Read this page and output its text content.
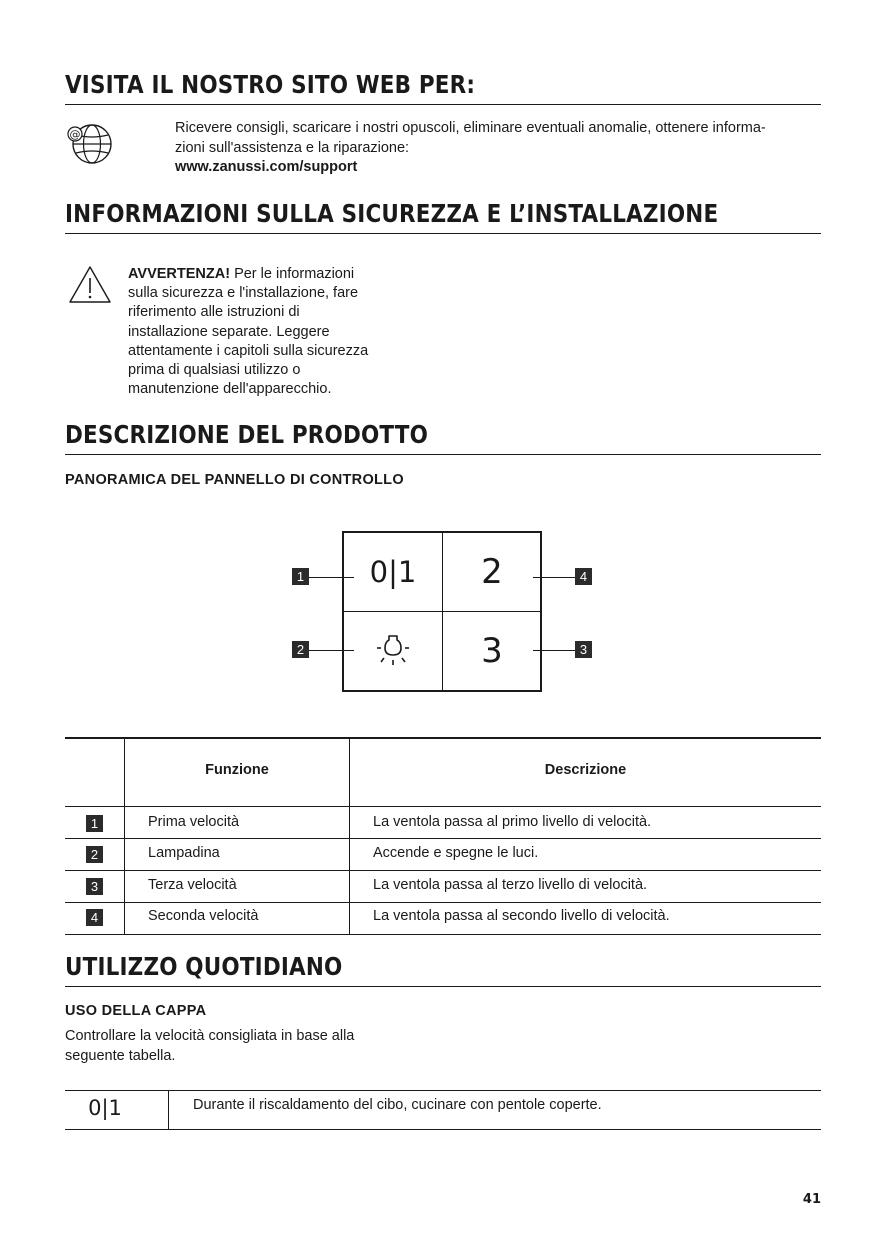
VISITA IL NOSTRO SITO WEB PER:
@	Ricevere consigli, scaricare i nostri opuscoli, eliminare eventuali anomalie, ottenere informa-
zioni sull'assistenza e la riparazione:
www.zanussi.com/support
INFORMAZIONI SULLA SICUREZZA E L’INSTALLAZIONE
AVVERTENZA! Per le informazioni
sulla sicurezza e l'installazione, fare
riferimento alle istruzioni di
installazione separate. Leggere
attentamente i capitoli sulla sicurezza
prima di qualsiasi utilizzo o
manutenzione dell'apparecchio.
DESCRIZIONE DEL PRODOTTO
PANORAMICA DEL PANNELLO DI CONTROLLO
0|1	2
3
1
2
4
3
Funzione	Descrizione
1	Prima velocità	La ventola passa al primo livello di velocità.
2	Lampadina	Accende e spegne le luci.
3	Terza velocità	La ventola passa al terzo livello di velocità.
4	Seconda velocità	La ventola passa al secondo livello di velocità.
UTILIZZO QUOTIDIANO
USO DELLA CAPPA
Controllare la velocità consigliata in base alla
seguente tabella.
0|1	Durante il riscaldamento del cibo, cucinare con pentole coperte.
41
